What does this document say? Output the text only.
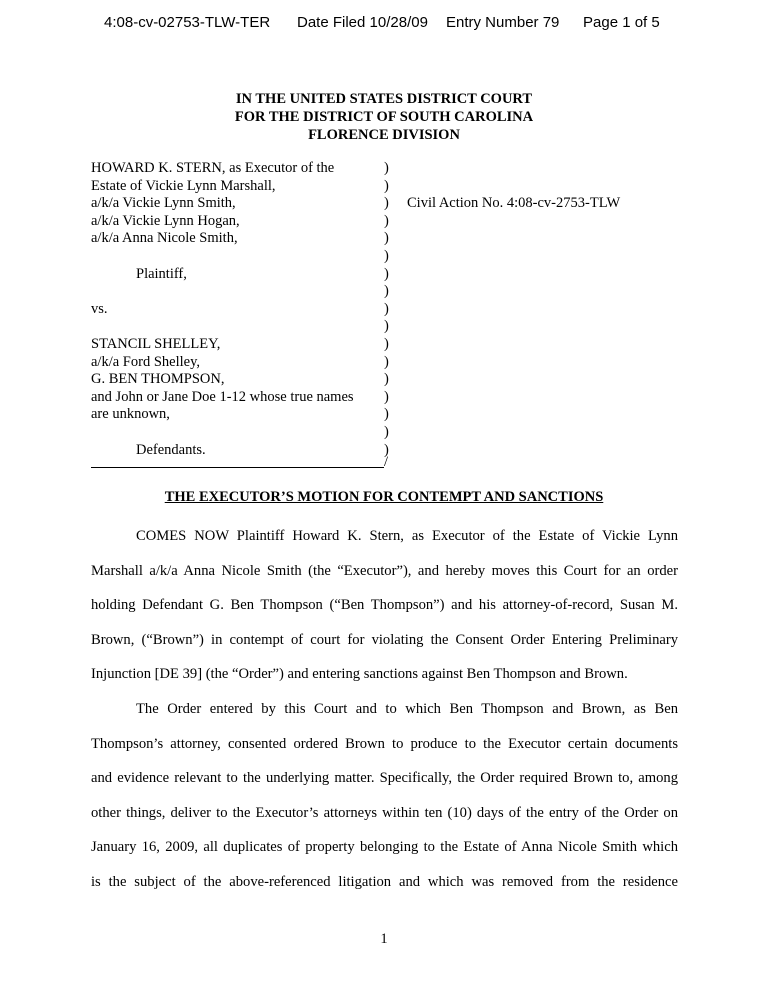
4:08-cv-02753-TLW-TER Date Filed 10/28/09 Entry Number 79 Page 1 of 5
IN THE UNITED STATES DISTRICT COURT
FOR THE DISTRICT OF SOUTH CAROLINA
FLORENCE DIVISION
HOWARD K. STERN, as Executor of the
Estate of Vickie Lynn Marshall,
a/k/a Vickie Lynn Smith,
a/k/a Vickie Lynn Hogan,
a/k/a Anna Nicole Smith,
Plaintiff,
vs.
STANCIL SHELLEY,
a/k/a Ford Shelley,
G. BEN THOMPSON,
and John or Jane Doe 1-12 whose true names
are unknown,
Defendants.
)
)
)
)
)
)
)
)
)
)
)
)
)
)
)
)
)
Civil Action No. 4:08-cv-2753-TLW
/
THE EXECUTOR’S MOTION FOR CONTEMPT AND SANCTIONS
COMES NOW Plaintiff Howard K. Stern, as Executor of the Estate of Vickie Lynn
Marshall a/k/a Anna Nicole Smith (the “Executor”), and hereby moves this Court for an order
holding Defendant G. Ben Thompson (“Ben Thompson”) and his attorney-of-record, Susan M.
Brown, (“Brown”) in contempt of court for violating the Consent Order Entering Preliminary
Injunction [DE 39] (the “Order”) and entering sanctions against Ben Thompson and Brown.
The Order entered by this Court and to which Ben Thompson and Brown, as Ben
Thompson’s attorney, consented ordered Brown to produce to the Executor certain documents
and evidence relevant to the underlying matter. Specifically, the Order required Brown to, among
other things, deliver to the Executor’s attorneys within ten (10) days of the entry of the Order on
January 16, 2009, all duplicates of property belonging to the Estate of Anna Nicole Smith which
is the subject of the above-referenced litigation and which was removed from the residence
1
